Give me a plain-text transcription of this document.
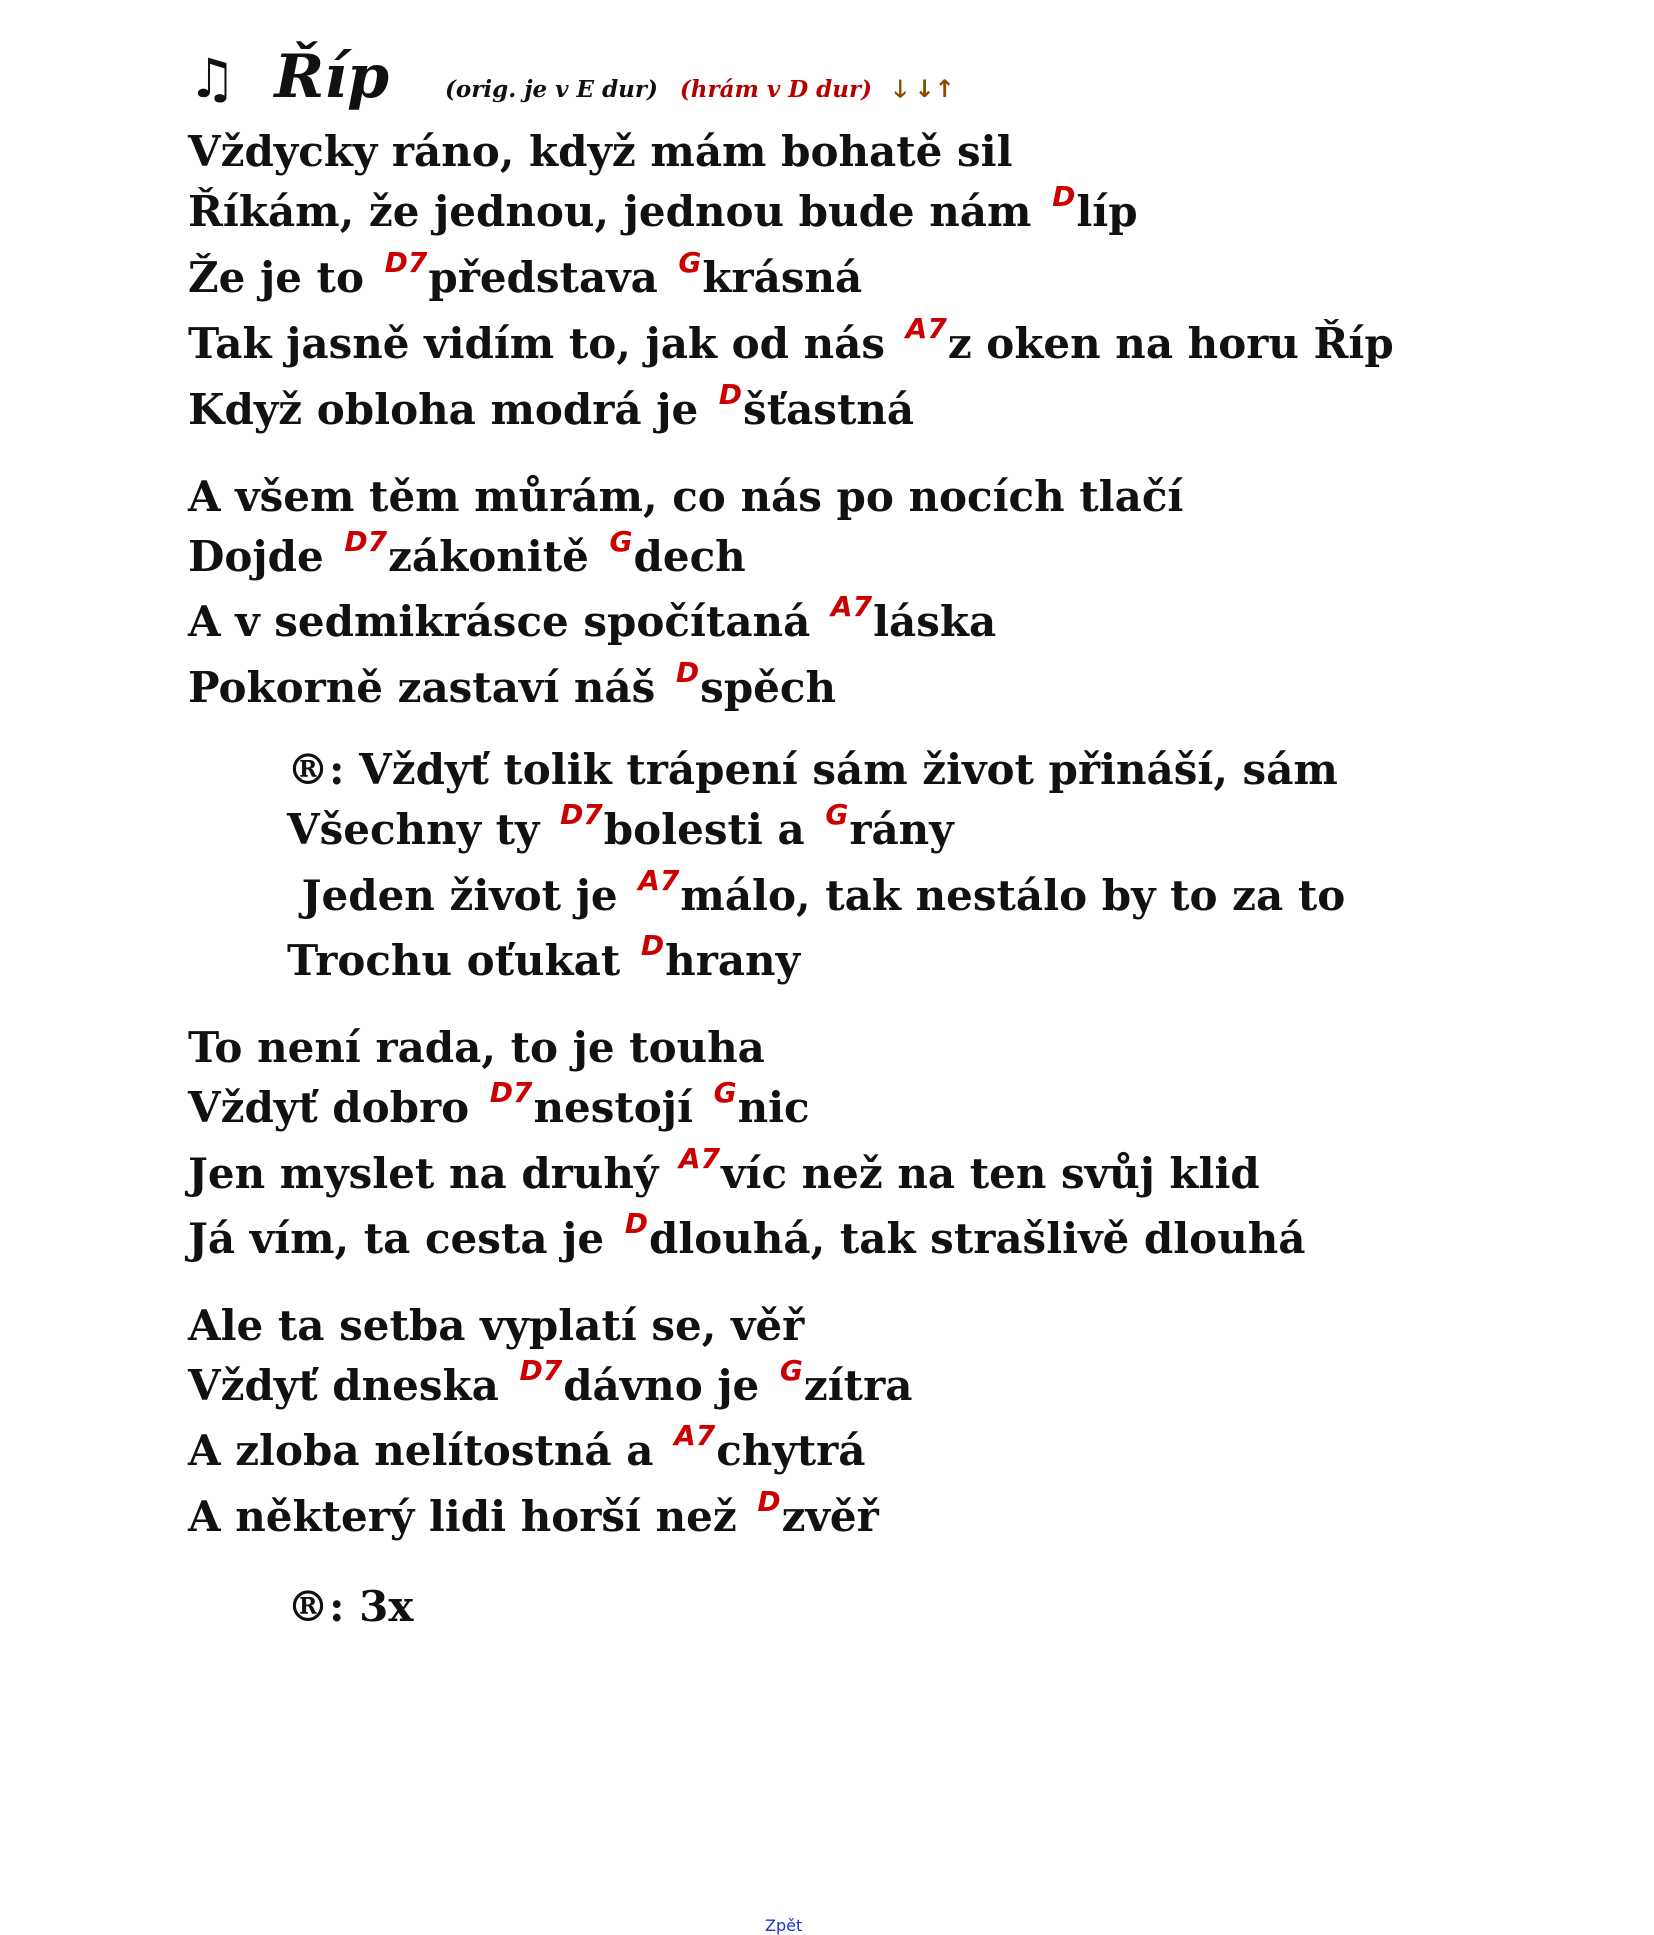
♫ Říp (orig. je v E dur) (hrám v D dur) 🡓 ↓↑
Vždycky ráno, když mám bohatě sil
Říkám, že jednou, jednou bude nám $^D$líp
Že je to $^{D7}$představa $^G$krásná
Tak jasně vidím to, jak od nás $^{A7}$z oken na horu Říp
Když obloha modrá je $^D$šťastná
A všem těm můrám, co nás po nocích tlačí
Dojde $^{D7}$zákonitě $^G$dech
A v sedmikrásce spočítaná $^{A7}$láska
Pokorně zastaví náš $^D$spěch
®: Vždyť tolik trápení sám život přináší, sám
Všechny ty $^{D7}$bolesti a $^G$rány
Jeden život je $^{A7}$málo, tak nestálo by to za to
Trochu oťukat $^D$hrany
To není rada, to je touha
Vždyť dobro $^{D7}$nestojí $^G$nic
Jen myslet na druhý $^{A7}$víc než na ten svůj klid
Já vím, ta cesta je $^D$dlouhá, tak strašlivě dlouhá
Ale ta setba vyplatí se, věř
Vždyť dneska $^{D7}$dávno je $^G$zítra
A zloba nelítostná a $^{A7}$chytrá
A některý lidi horší než $^D$zvěř
®: 3x
Zpět
